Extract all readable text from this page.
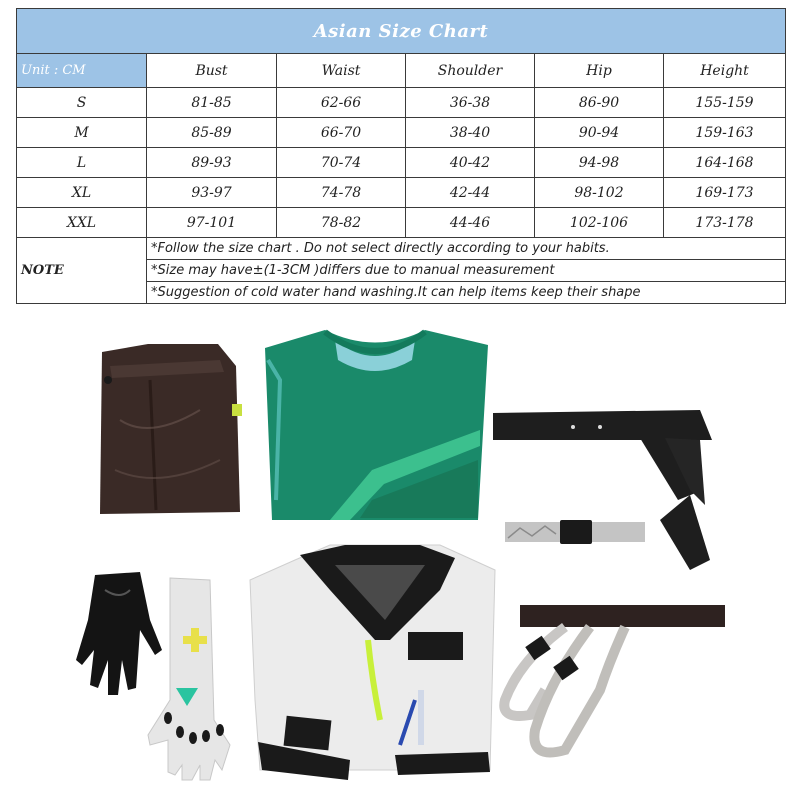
Asian Size Chart					
Unit : CM	Bust	Waist	Shoulder	Hip	Height
S	81-85	62-66	36-38	86-90	155-159
M	85-89	66-70	38-40	90-94	159-163
L	89-93	70-74	40-42	94-98	164-168
XL	93-97	74-78	42-44	98-102	169-173
XXL	97-101	78-82	44-46	102-106	173-178
NOTE	*Follow the size chart . Do not select directly according to your habits.				
	*Size may have±(1-3CM )differs due to manual measurement				
	*Suggestion of cold water hand washing.It can help items keep their shape				
